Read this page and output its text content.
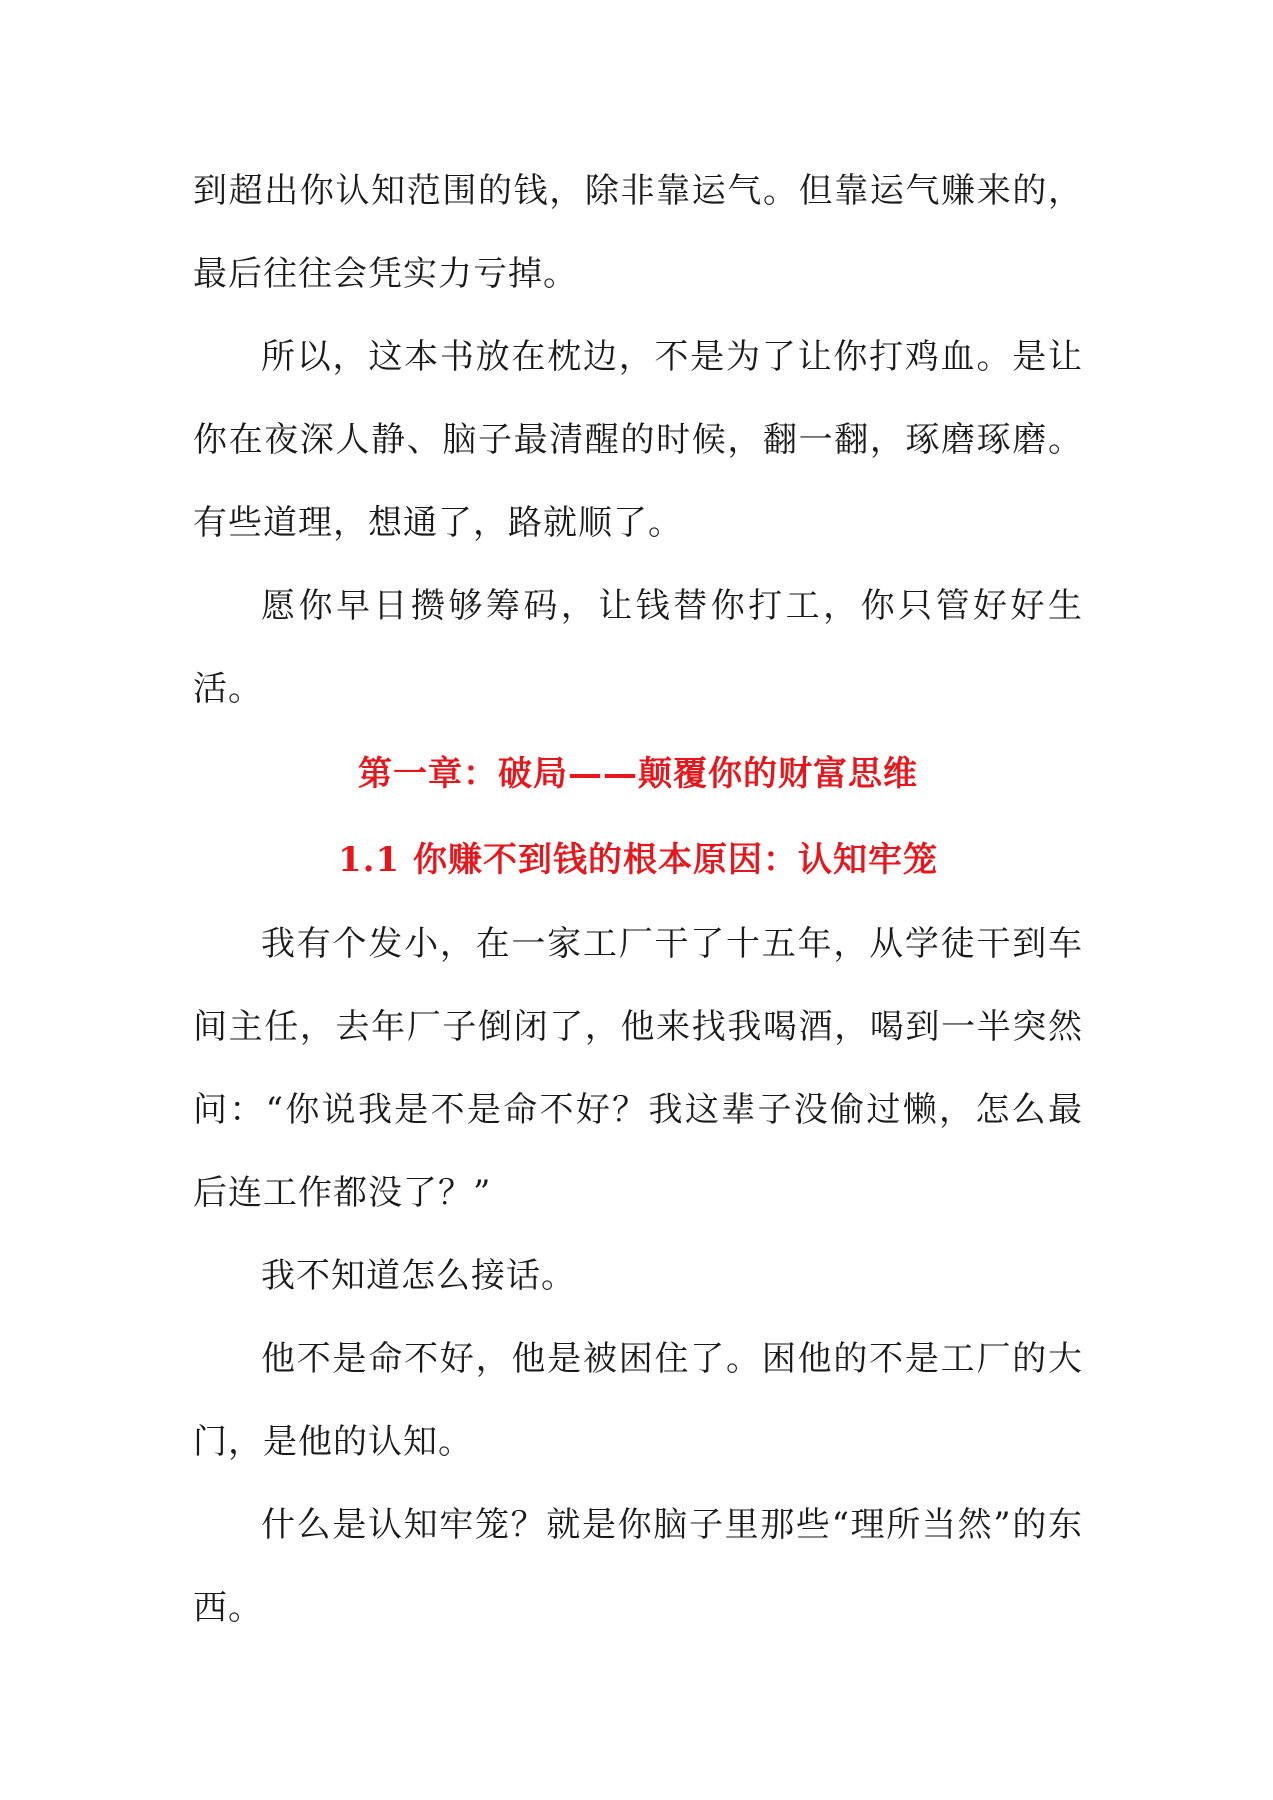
到超出你认知范围的钱，除非靠运气。但靠运气赚来的，最后往往会凭实力亏掉。

所以，这本书放在枕边，不是为了让你打鸡血。是让你在夜深人静、脑子最清醒的时候，翻一翻，琢磨琢磨。有些道理，想通了，路就顺了。

愿你早日攒够筹码，让钱替你打工，你只管好好生活。

第一章：破局——颠覆你的财富思维
1.1 你赚不到钱的根本原因：认知牢笼

我有个发小，在一家工厂干了十五年，从学徒干到车间主任，去年厂子倒闭了，他来找我喝酒，喝到一半突然问：“你说我是不是命不好？我这辈子没偷过懒，怎么最后连工作都没了？”

我不知道怎么接话。

他不是命不好，他是被困住了。困他的不是工厂的大门，是他的认知。

什么是认知牢笼？就是你脑子里那些“理所当然”的东西。
